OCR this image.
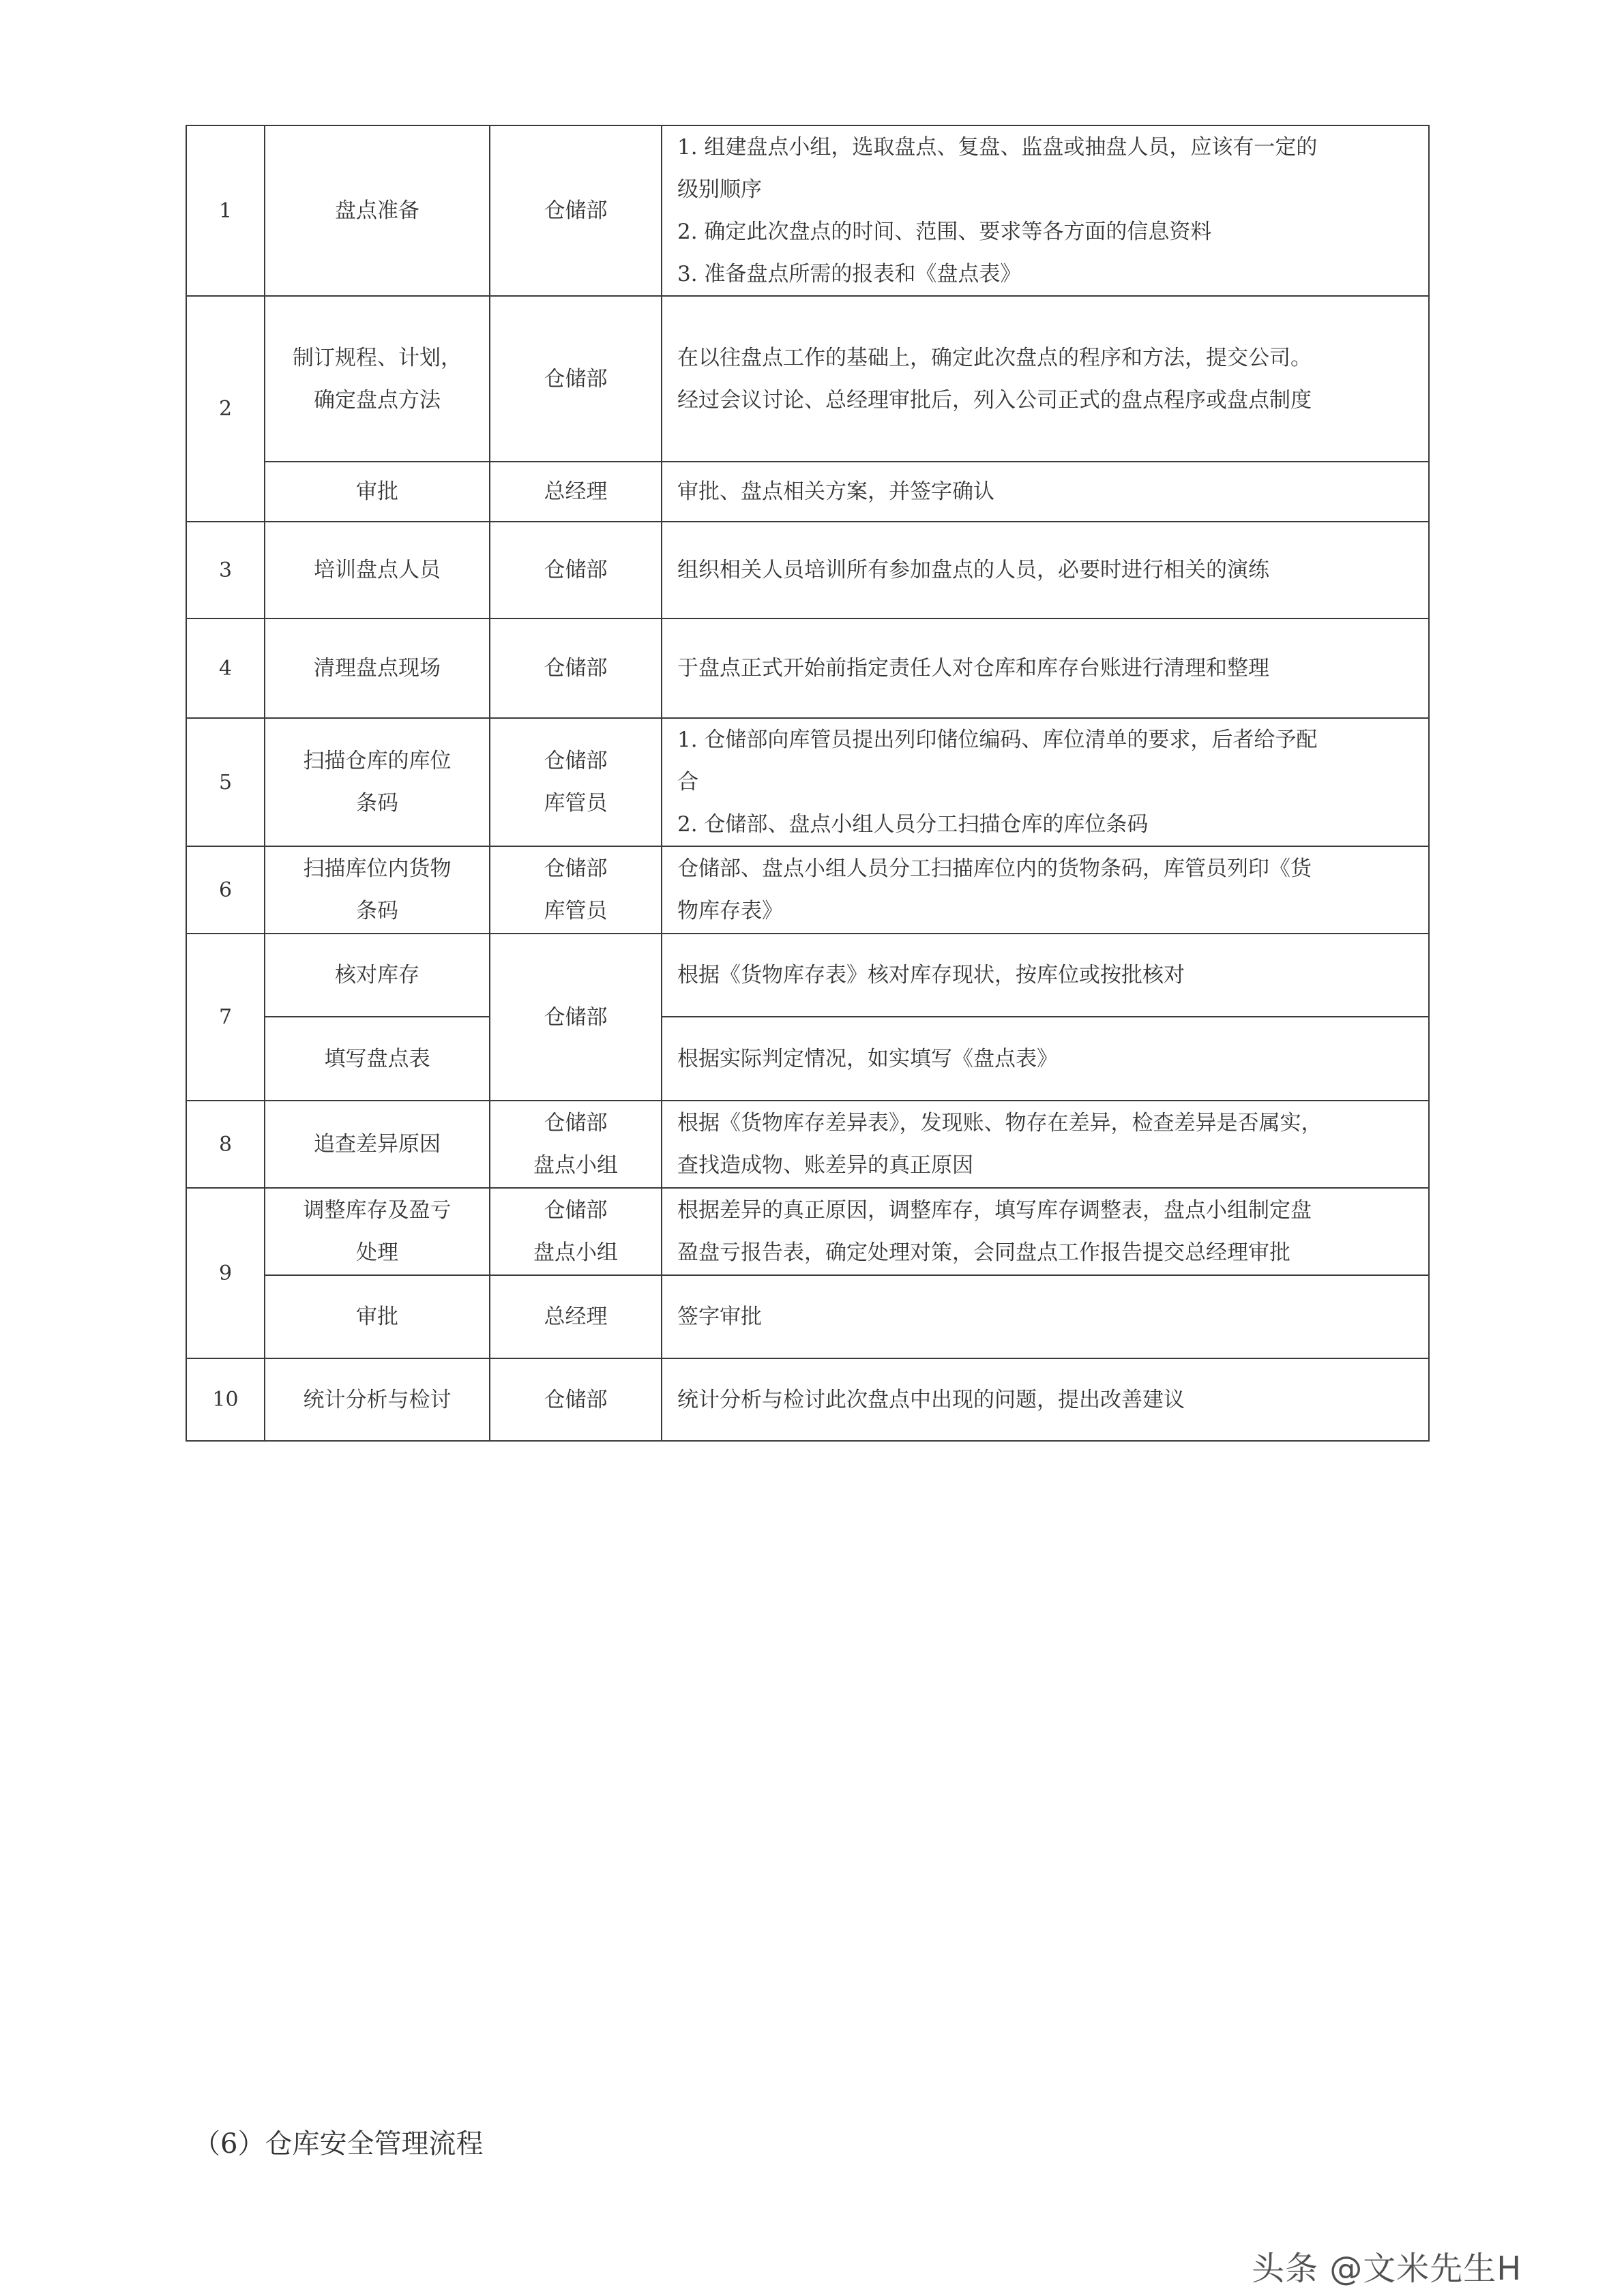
1	盘点准备	仓储部	1. 组建盘点小组，选取盘点、复盘、监盘或抽盘人员，应该有一定的
级别顺序
2. 确定此次盘点的时间、范围、要求等各方面的信息资料
3. 准备盘点所需的报表和《盘点表》

2	制订规程、计划，
确定盘点方法	仓储部	在以往盘点工作的基础上，确定此次盘点的程序和方法，提交公司。
经过会议讨论、总经理审批后，列入公司正式的盘点程序或盘点制度

	审批	总经理	审批、盘点相关方案，并签字确认

3	培训盘点人员	仓储部	组织相关人员培训所有参加盘点的人员，必要时进行相关的演练

4	清理盘点现场	仓储部	于盘点正式开始前指定责任人对仓库和库存台账进行清理和整理

5	扫描仓库的库位
条码	仓储部
库管员	1. 仓储部向库管员提出列印储位编码、库位清单的要求，后者给予配
合
2. 仓储部、盘点小组人员分工扫描仓库的库位条码

6	扫描库位内货物
条码	仓储部
库管员	仓储部、盘点小组人员分工扫描库位内的货物条码，库管员列印《货
物库存表》

7	核对库存	仓储部	根据《货物库存表》核对库存现状，按库位或按批核对

	填写盘点表		根据实际判定情况，如实填写《盘点表》

8	追查差异原因	仓储部
盘点小组	根据《货物库存差异表》，发现账、物存在差异，检查差异是否属实，
查找造成物、账差异的真正原因

9	调整库存及盈亏
处理	仓储部
盘点小组	根据差异的真正原因，调整库存，填写库存调整表，盘点小组制定盘
盈盘亏报告表，确定处理对策，会同盘点工作报告提交总经理审批

	审批	总经理	签字审批

10	统计分析与检讨	仓储部	统计分析与检讨此次盘点中出现的问题，提出改善建议
（6）仓库安全管理流程
头条 @文米先生H
